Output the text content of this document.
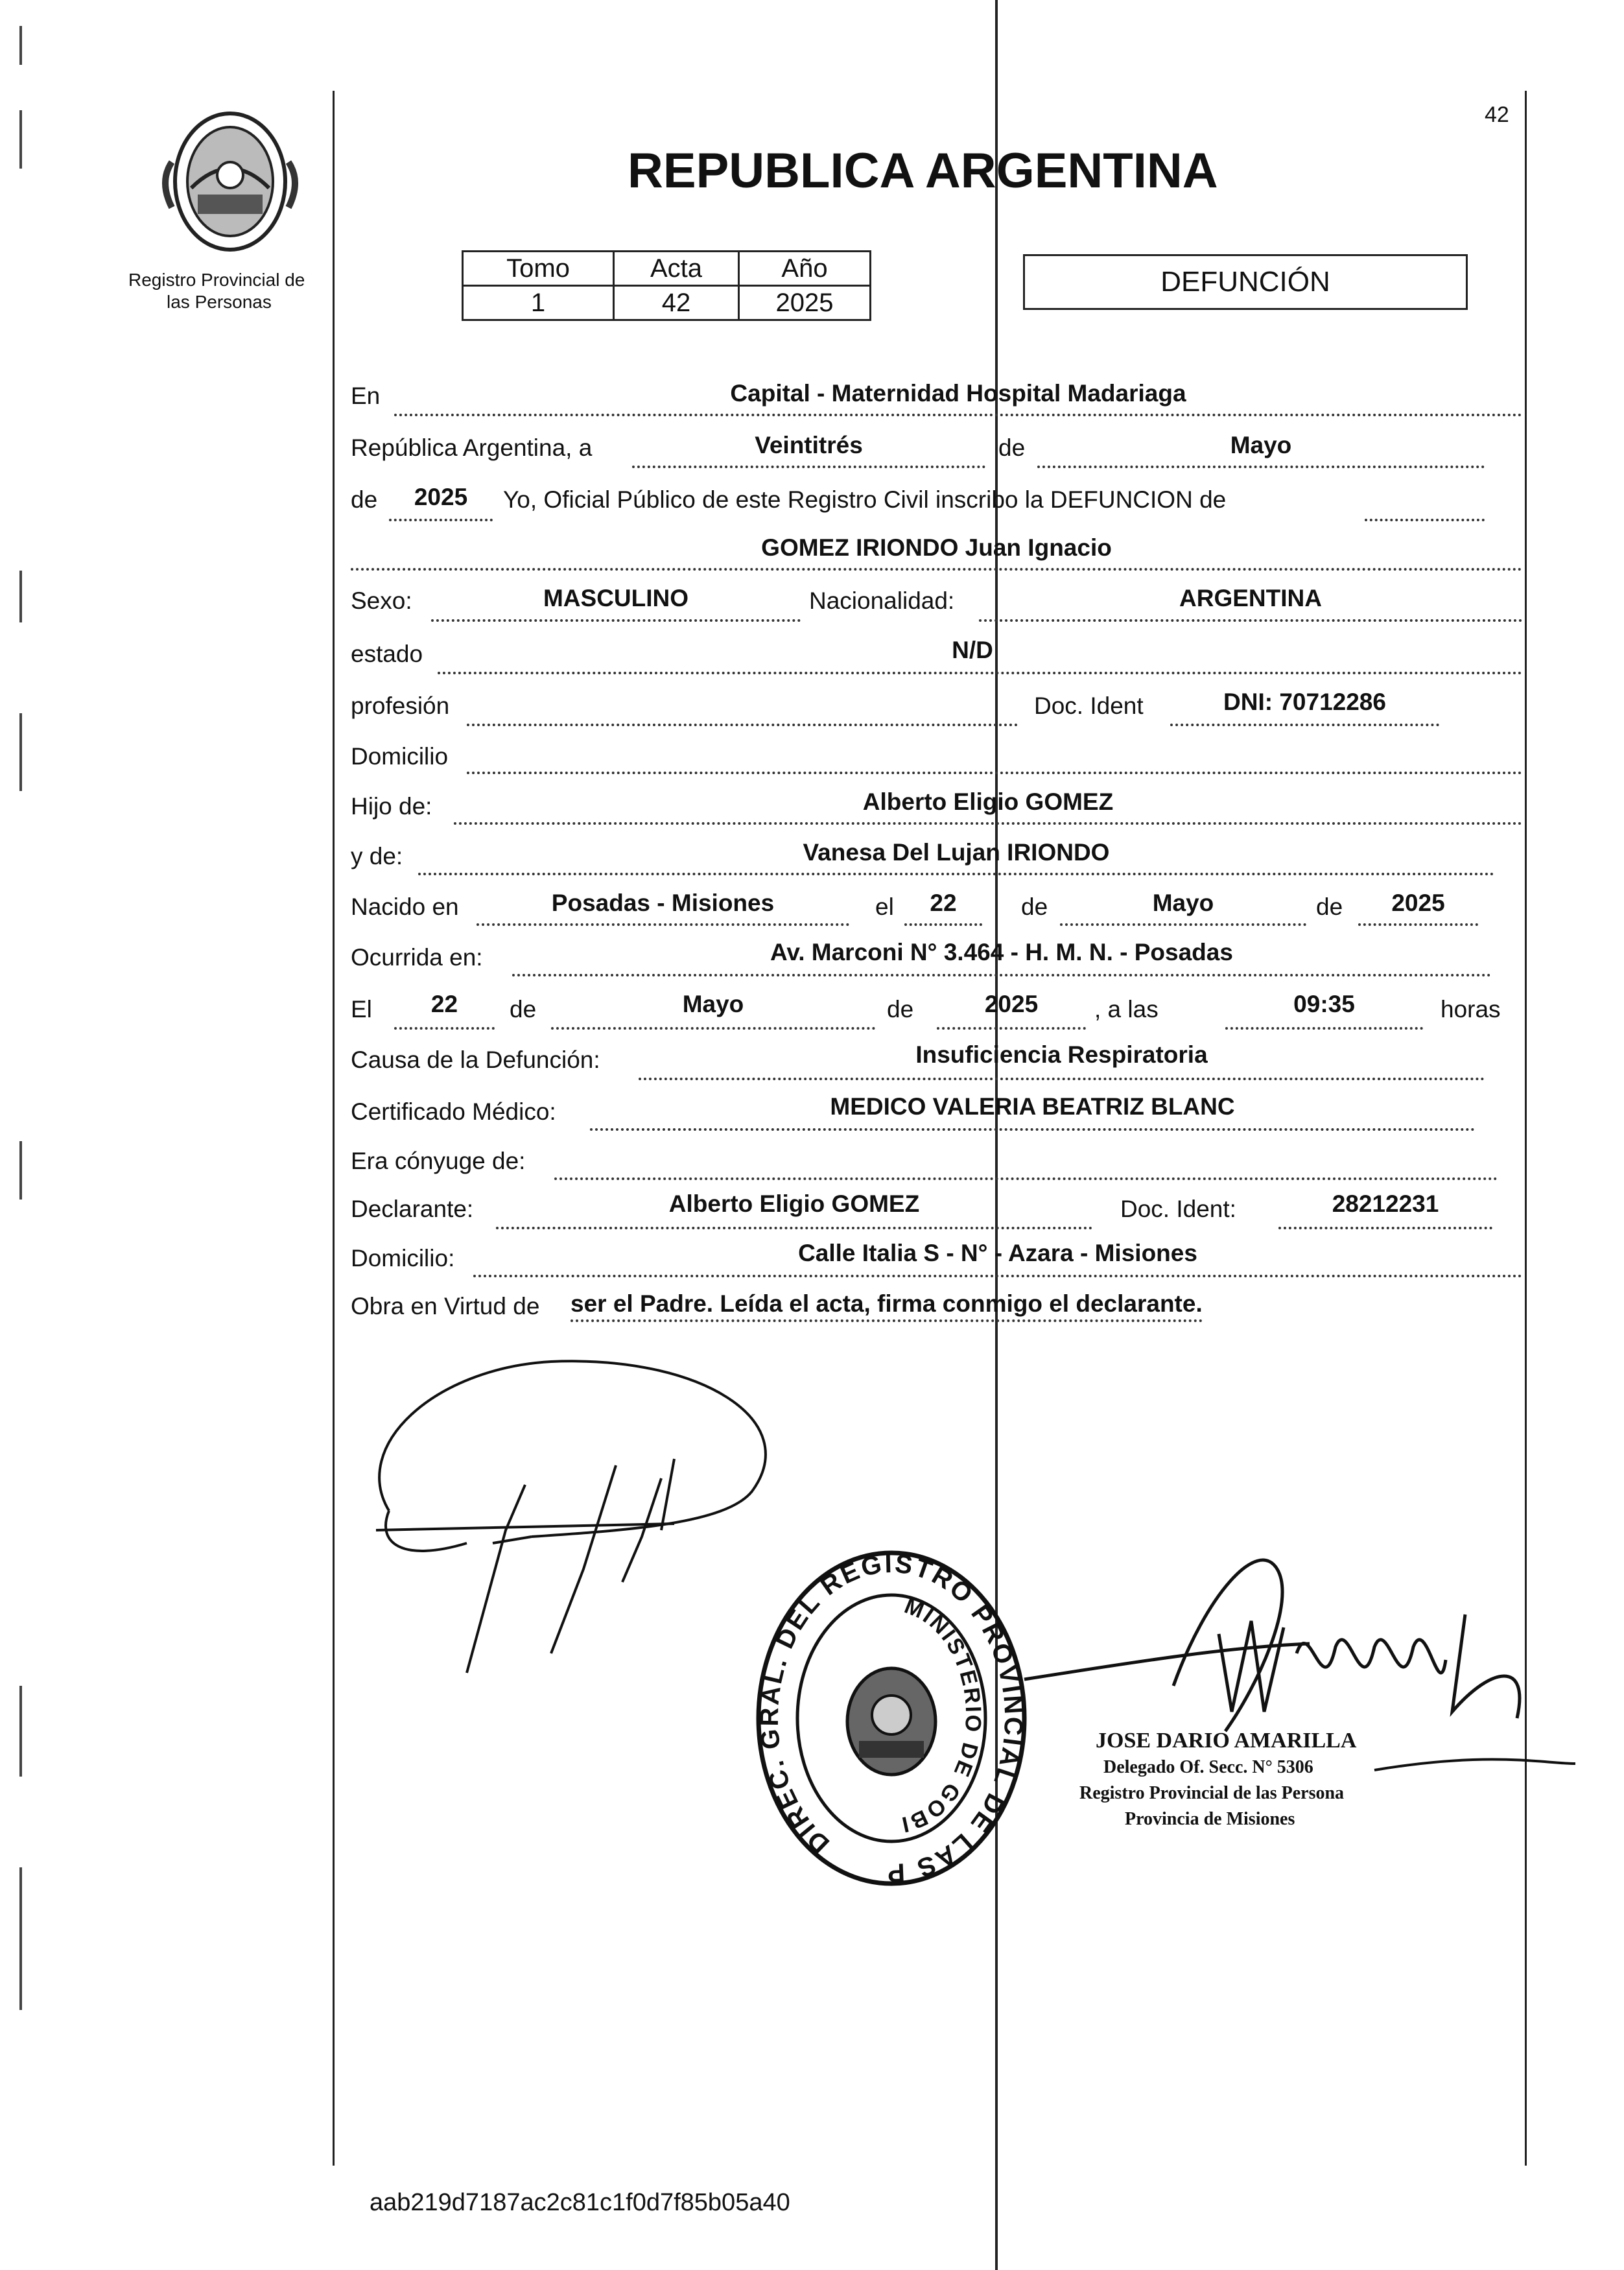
42
Registro Provincial de
las Personas
REPUBLICA ARGENTINA
Tomo	Acta	Año
1	42	2025
DEFUNCIÓN
En	Capital - Maternidad Hospital Madariaga
República Argentina, a	Veintitrés	de	Mayo
de	2025	Yo, Oficial Público de este Registro Civil inscribo la DEFUNCION de
GOMEZ IRIONDO Juan Ignacio
Sexo:	MASCULINO	Nacionalidad:	ARGENTINA
estado	N/D
profesión	Doc. Ident	DNI: 70712286
Domicilio
Hijo de:	Alberto Eligio GOMEZ
y de:	Vanesa Del Lujan IRIONDO
Nacido en	Posadas - Misiones	el	22	de	Mayo	de	2025
Ocurrida en:	Av. Marconi N° 3.464 - H. M. N. - Posadas
El	22	de	Mayo	de	2025	, a las	09:35	horas
Causa de la Defunción:	Insuficiencia Respiratoria
Certificado Médico:	MEDICO VALERIA BEATRIZ BLANC
Era cónyuge de:
Declarante:	Alberto Eligio GOMEZ	Doc. Ident:	28212231
Domicilio:	Calle Italia S - N° - Azara - Misiones
Obra en Virtud de ser el Padre. Leída el acta, firma conmigo el declarante.
DIREC. GRAL. DEL REGISTRO PROVINCIAL DE LAS P
MINISTERIO DE GOBI
JOSE DARIO AMARILLA
Delegado Of. Secc. N° 5306
Registro Provincial de las Persona
Provincia de Misiones
aab219d7187ac2c81c1f0d7f85b05a40
